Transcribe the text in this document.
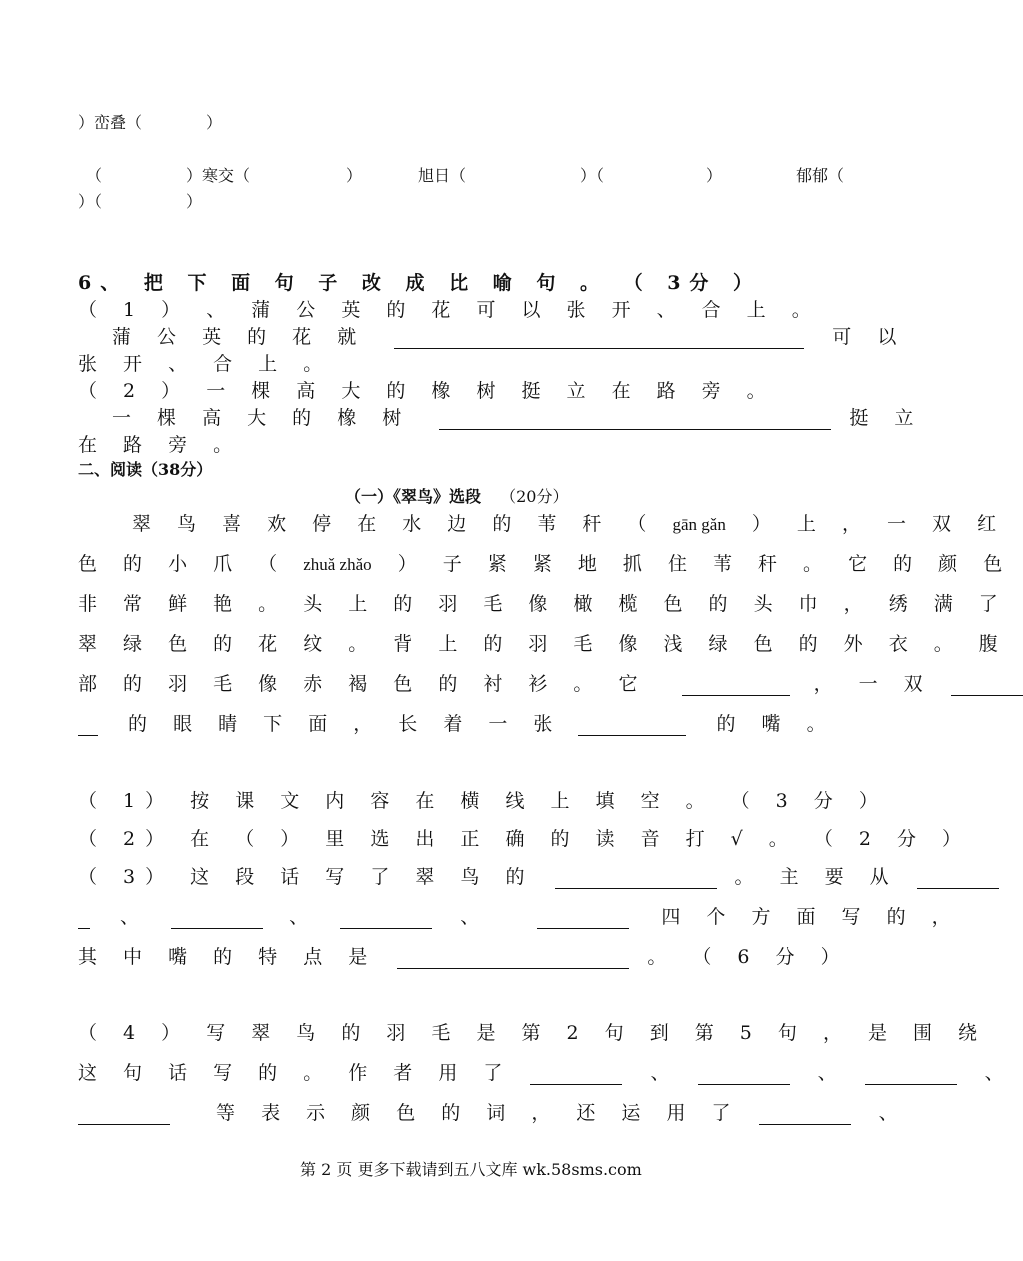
）峦叠（	）
（	）寒交（	）	旭日（	）（	）	郁郁（
）（	）
6、 把 下 面 句 子 改 成 比 喻 句 。 （ 3分 ）
（ 1 ） 、 蒲 公 英 的 花 可 以 张 开 、 合 上 。
蒲 公 英 的 花 就	可 以
张 开 、 合 上 。
（ 2 ） 一 棵 高 大 的 橡 树 挺 立 在 路 旁 。
一 棵 高 大 的 橡 树	挺 立
在 路 旁 。
二、阅读（38分）
（一）《翠鸟》选段 （20分）
翠 鸟 喜 欢 停 在 水 边 的 苇 秆 （ gān gǎn ） 上 ， 一 双 红
色 的 小 爪 （ zhuǎ zhǎo ） 子 紧 紧 地 抓 住 苇 秆 。 它 的 颜 色
非 常 鲜 艳 。 头 上 的 羽 毛 像 橄 榄 色 的 头 巾 ， 绣 满 了
翠 绿 色 的 花 纹 。 背 上 的 羽 毛 像 浅 绿 色 的 外 衣 。 腹
部 的 羽 毛 像 赤 褐 色 的 衬 衫 。 它	， 一 双
的 眼 睛 下 面 ， 长 着 一 张	的 嘴 。
（ 1） 按 课 文 内 容 在 横 线 上 填 空 。 （ 3 分 ）
（ 2） 在 （ ） 里 选 出 正 确 的 读 音 打 √ 。 （ 2 分 ）
（ 3） 这 段 话 写 了 翠 鸟 的	。 主 要 从
、	、	、	四 个 方 面 写 的 ，
其 中 嘴 的 特 点 是	。 （ 6 分 ）
（ 4 ） 写 翠 鸟 的 羽 毛 是 第 2 句 到 第 5 句 ， 是 围 绕
这 句 话 写 的 。 作 者 用 了	、	、	、
等 表 示 颜 色 的 词 ， 还 运 用 了	、
第 2 页 更多下载请到五八文库 wk.58sms.com
